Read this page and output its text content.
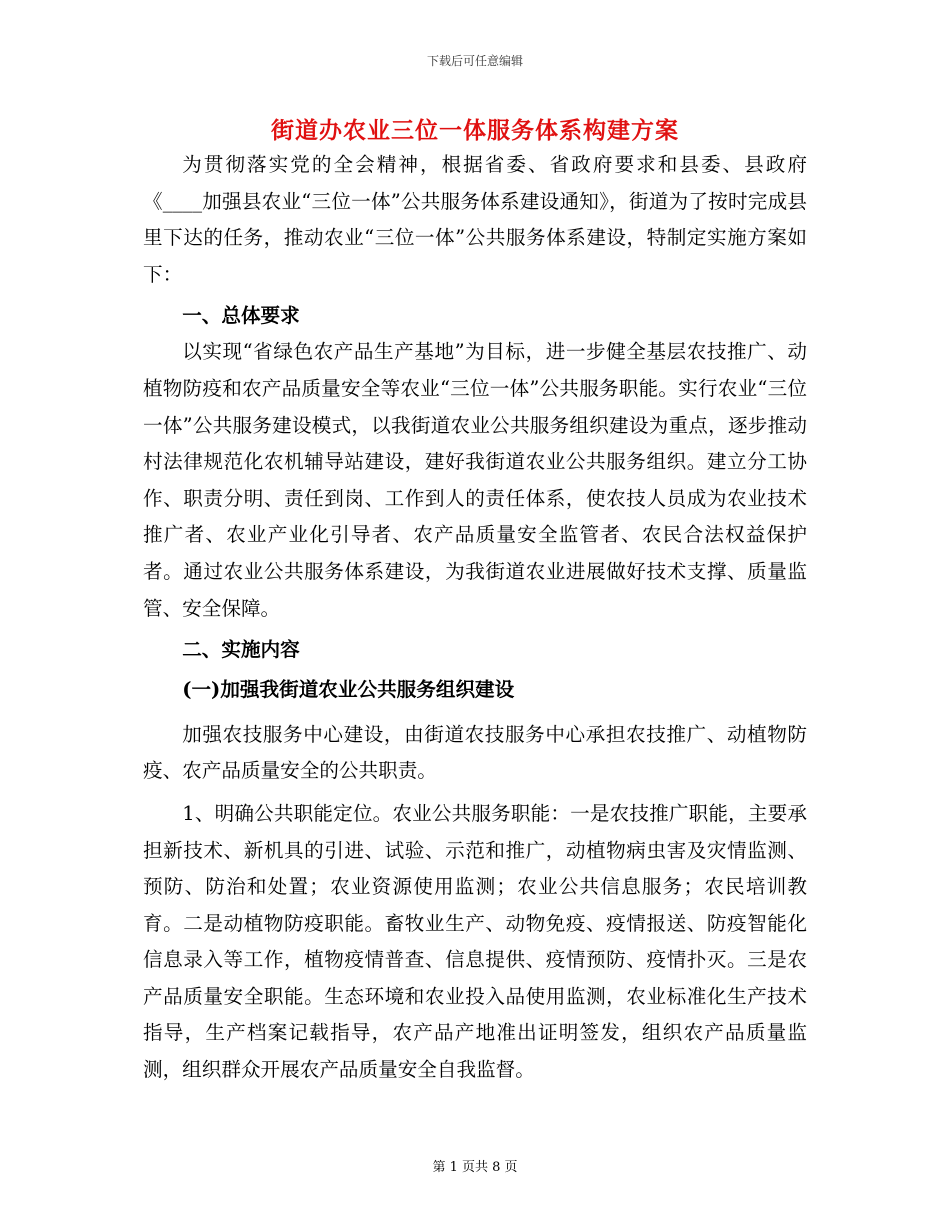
下载后可任意编辑
街道办农业三位一体服务体系构建方案

为贯彻落实党的全会精神，根据省委、省政府要求和县委、县政府《____加强县农业“三位一体”公共服务体系建设通知》，街道为了按时完成县里下达的任务，推动农业“三位一体”公共服务体系建设，特制定实施方案如下：

一、总体要求

以实现“省绿色农产品生产基地”为目标，进一步健全基层农技推广、动植物防疫和农产品质量安全等农业“三位一体”公共服务职能。实行农业“三位一体”公共服务建设模式，以我街道农业公共服务组织建设为重点，逐步推动村法律规范化农机辅导站建设，建好我街道农业公共服务组织。建立分工协作、职责分明、责任到岗、工作到人的责任体系，使农技人员成为农业技术推广者、农业产业化引导者、农产品质量安全监管者、农民合法权益保护者。通过农业公共服务体系建设，为我街道农业进展做好技术支撑、质量监管、安全保障。

二、实施内容
(一)加强我街道农业公共服务组织建设

加强农技服务中心建设，由街道农技服务中心承担农技推广、动植物防疫、农产品质量安全的公共职责。

1、明确公共职能定位。农业公共服务职能：一是农技推广职能，主要承担新技术、新机具的引进、试验、示范和推广，动植物病虫害及灾情监测、预防、防治和处置；农业资源使用监测；农业公共信息服务；农民培训教育。二是动植物防疫职能。畜牧业生产、动物免疫、疫情报送、防疫智能化信息录入等工作，植物疫情普查、信息提供、疫情预防、疫情扑灭。三是农产品质量安全职能。生态环境和农业投入品使用监测，农业标准化生产技术指导，生产档案记载指导，农产品产地准出证明签发，组织农产品质量监测，组织群众开展农产品质量安全自我监督。

第 1 页共 8 页
